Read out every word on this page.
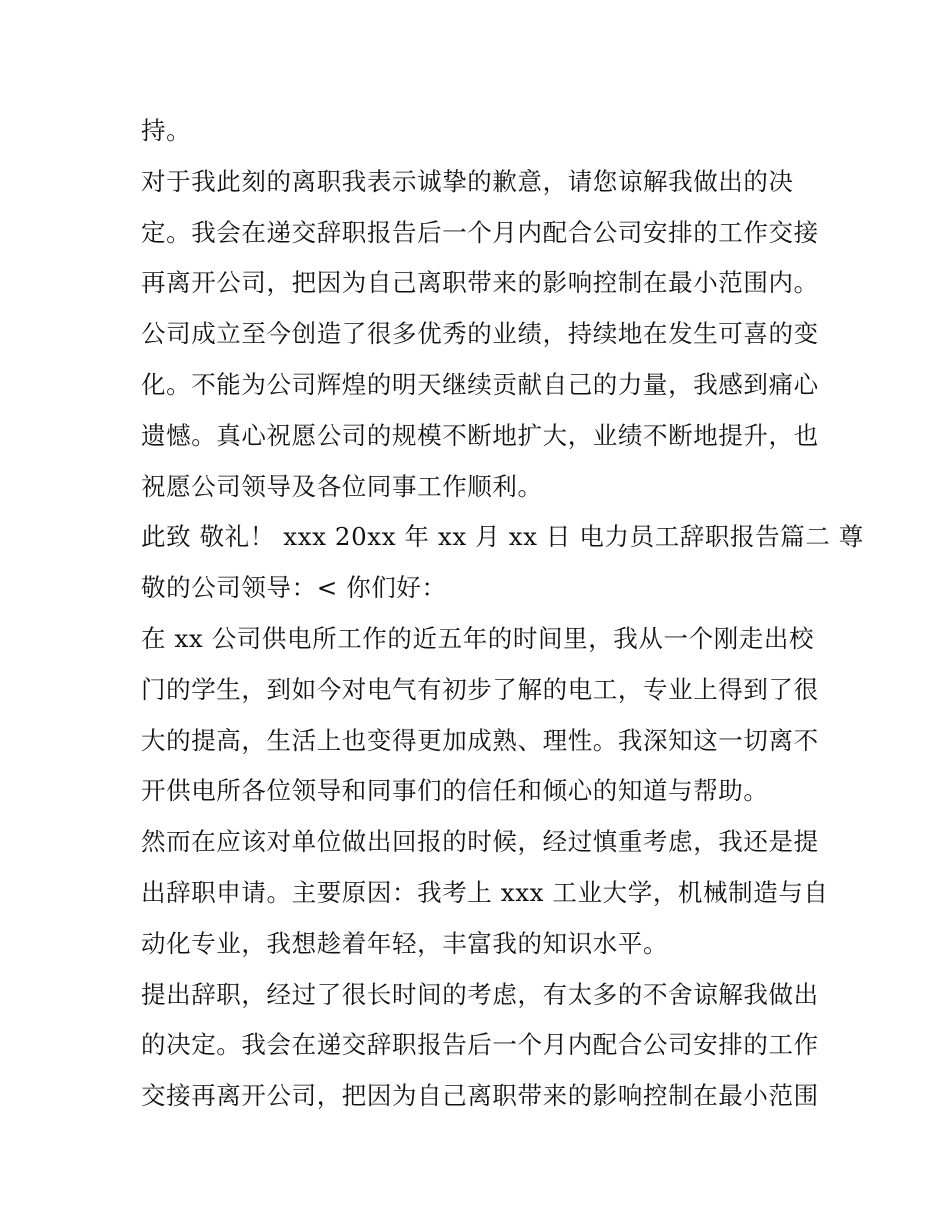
持。
对于我此刻的离职我表示诚挚的歉意，请您谅解我做出的决
定。我会在递交辞职报告后一个月内配合公司安排的工作交接
再离开公司，把因为自己离职带来的影响控制在最小范围内。
公司成立至今创造了很多优秀的业绩，持续地在发生可喜的变
化。不能为公司辉煌的明天继续贡献自己的力量，我感到痛心
遗憾。真心祝愿公司的规模不断地扩大，业绩不断地提升，也
祝愿公司领导及各位同事工作顺利。
此致 敬礼！ xxx 20xx 年 xx 月 xx 日 电力员工辞职报告篇二 尊
敬的公司领导：< 你们好：
在 xx 公司供电所工作的近五年的时间里，我从一个刚走出校
门的学生，到如今对电气有初步了解的电工，专业上得到了很
大的提高，生活上也变得更加成熟、理性。我深知这一切离不
开供电所各位领导和同事们的信任和倾心的知道与帮助。
然而在应该对单位做出回报的时候，经过慎重考虑，我还是提
出辞职申请。主要原因：我考上 xxx 工业大学，机械制造与自
动化专业，我想趁着年轻，丰富我的知识水平。
提出辞职，经过了很长时间的考虑，有太多的不舍谅解我做出
的决定。我会在递交辞职报告后一个月内配合公司安排的工作
交接再离开公司，把因为自己离职带来的影响控制在最小范围
